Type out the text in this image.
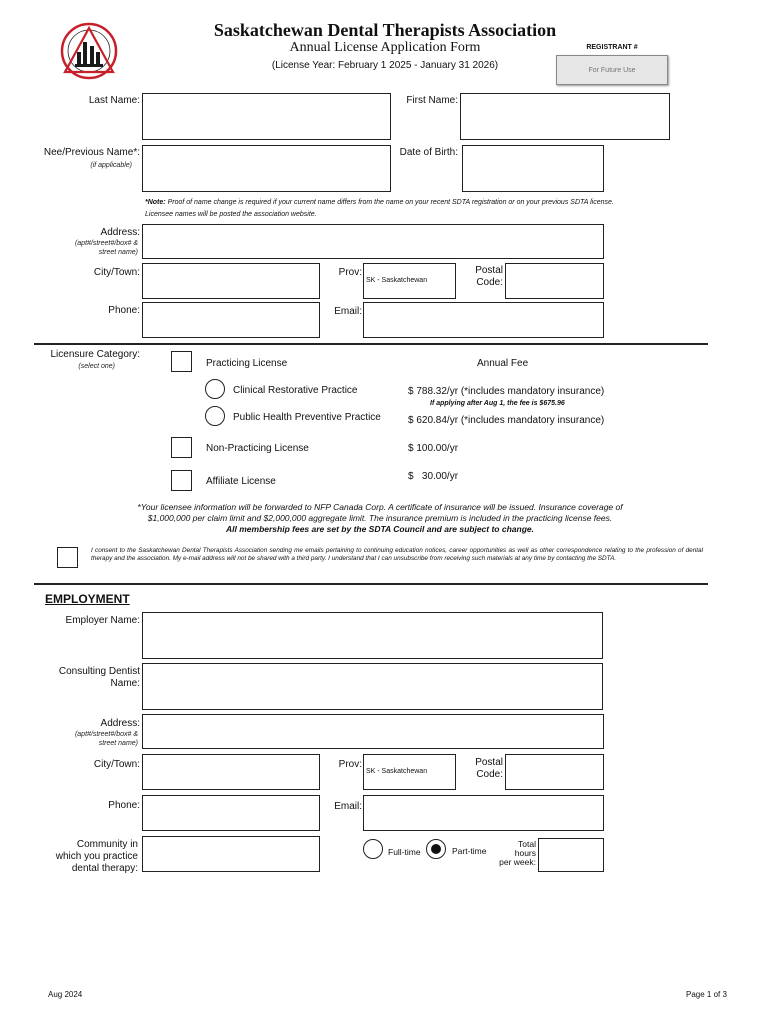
Saskatchewan Dental Therapists Association
Annual License Application Form
(License Year: February 1 2025 - January 31 2026)
REGISTRANT #
For Future Use
Last Name:	First Name:
Nee/Previous Name*:
(if applicable)
Date of Birth:
*Note: Proof of name change is required if your current name differs from the name on your recent SDTA registration or on your previous SDTA license.
Licensee names will be posted the association website.
Address:
(apt#/street#/box# & street name)
City/Town:	Prov:
SK - Saskatchewan
Postal
Code:
Phone:	Email:
Licensure Category:
(select one)	Practicing License	Annual Fee
Clinical Restorative Practice	$ 788.32/yr (*includes mandatory insurance)
If applying after Aug 1, the fee is $675.96
Public Health Preventive Practice	$ 620.84/yr (*includes mandatory insurance)
Non-Practicing License	$ 100.00/yr
Affiliate License	$   30.00/yr
*Your licensee information will be forwarded to NFP Canada Corp. A certificate of insurance will be issued. Insurance coverage of
$1,000,000 per claim limit and $2,000,000 aggregate limit. The insurance premium is included in the practicing license fees.
All membership fees are set by the SDTA Council and are subject to change.
I consent to the Saskatchewan Dental Therapists Association sending me emails pertaining to continuing education notices, career opportunities as well as other correspondence relating to the profession of dental therapy and the association. My e-mail address will not be shared with a third party. I understand that I can unsubscribe from receiving such materials at any time by contacting the SDTA.
EMPLOYMENT
Employer Name:
Consulting Dentist
Name:
Address:
(apt#/street#/box# & street name)
City/Town:	Prov:
SK - Saskatchewan
Postal
Code:
Phone:	Email:
Community in
which you practice
dental therapy:
Full-time	Part-time
Total
hours
per week:
Aug 2024	Page 1 of 3
